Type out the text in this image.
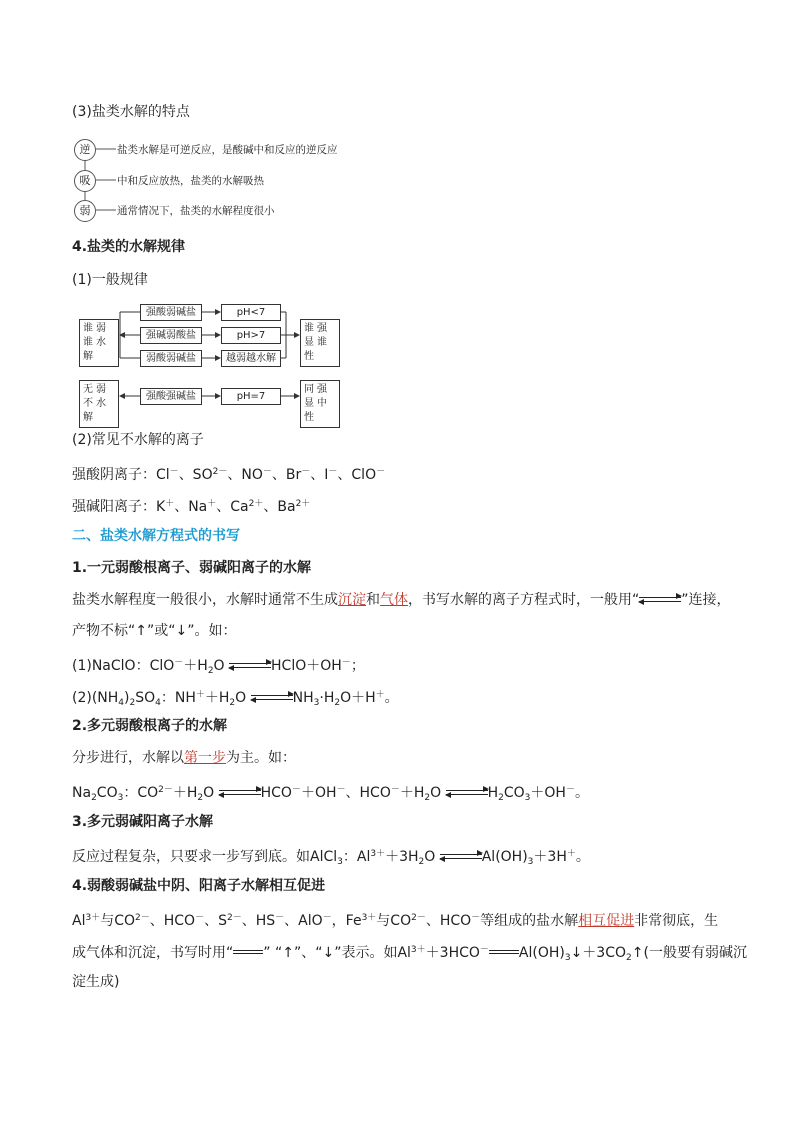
(3)盐类水解的特点
逆
吸
弱
盐类水解是可逆反应，是酸碱中和反应的逆反应
中和反应放热，盐类的水解吸热
通常情况下，盐类的水解程度很小
4.盐类的水解规律
(1)一般规律
谁弱谁水解
无弱不水解
强酸弱碱盐
强碱弱酸盐
弱酸弱碱盐
强酸强碱盐
pH<7
pH>7
越弱越水解
pH=7
谁强显谁性
同强显中性
(2)常见不水解的离子
强酸阴离子：Cl－、$SO^{2-}$、NO－、Br－、I－、ClO－
强碱阳离子：K＋、Na＋、$Ca^{2+}$、$Ba^{2+}$
二、盐类水解方程式的书写
1.一元弱酸根离子、弱碱阳离子的水解
盐类水解程度一般很小，水解时通常不生成沉淀和气体，书写水解的离子方程式时，一般用“	”连接，
产物不标“↑”或“↓”。如：
(1)NaClO：$ClO^-+H_2O$	HClO＋OH－；
$(2)(NH_4)_2SO_4$：$NH^++H_2O$	$NH_3\cdot H_2O+H^+$。
2.多元弱酸根离子的水解
分步进行，水解以第一步为主。如：
$Na_2CO_3$：$CO^{2-}+H_2O$	HCO－＋OH－、$HCO^-+H_2O$	$H_2CO_3+OH^-$。
3.多元弱碱阳离子水解
反应过程复杂，只要求一步写到底。如AlCl$_3$：$Al^{3+}+3H_2O$	$Al(OH)_3+3H^+$。
4.弱酸弱碱盐中阴、阳离子水解相互促进
$Al^{3+}$与$CO^{2-}$、HCO－、$S^{2-}$、HS－、AlO－，$Fe^{3+}$与$CO^{2-}$、HCO－等组成的盐水解相互促进非常彻底，生
成气体和沉淀，书写时用“ ” “↑”、“↓”表示。如$Al^{3+}+3HCO^-$ $Al(OH)_3↓+3CO_2↑$(一般要有弱碱沉
淀生成)
